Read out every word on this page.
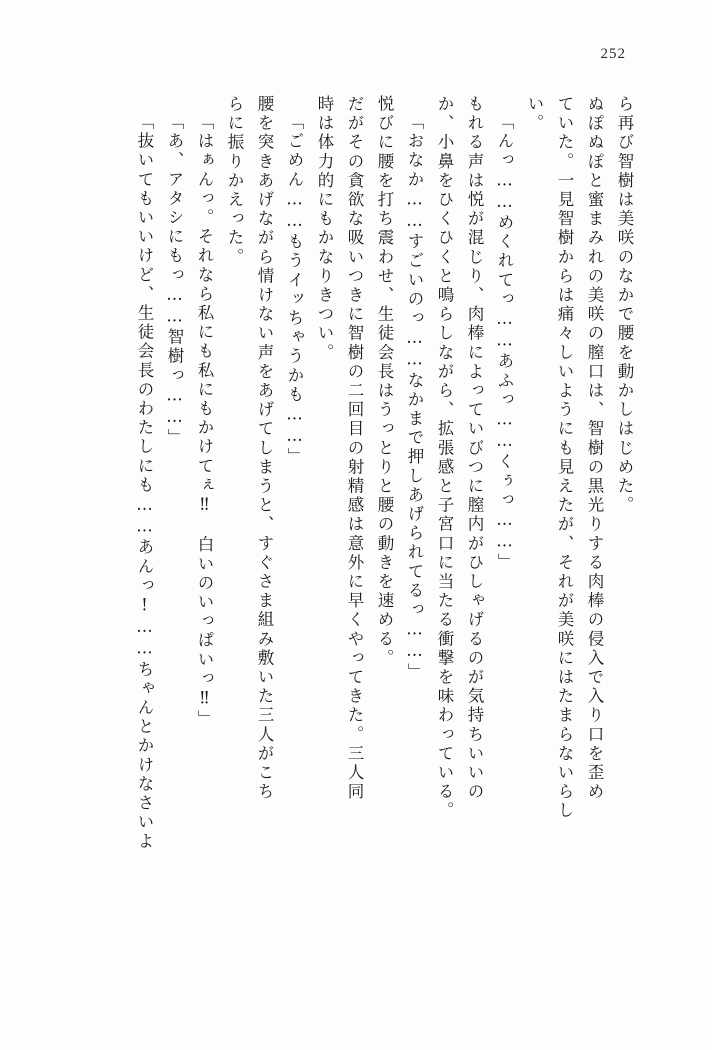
252
ら再び智樹は美咲のなかで腰を動かしはじめた。
ぬぽぬぽと蜜まみれの美咲の膣口は、智樹の黒光りする肉棒の侵入で入り口を歪め
ていた。一見智樹からは痛々しいようにも見えたが、それが美咲にはたまらないらし
い。
「んっ……めくれてっ……あふっ……くぅっ……」
もれる声は悦が混じり、肉棒によっていびつに膣内がひしゃげるのが気持ちいいの
か、小鼻をひくひくと鳴らしながら、拡張感と子宮口に当たる衝撃を味わっている。
「おなか……すごいのっ……なかまで押しあげられてるっ……」
悦びに腰を打ち震わせ、生徒会長はうっとりと腰の動きを速める。
だがその貪欲な吸いつきに智樹の二回目の射精感は意外に早くやってきた。三人同
時は体力的にもかなりきつい。
「ごめん……もうイッちゃうかも……」
腰を突きあげながら情けない声をあげてしまうと、すぐさま組み敷いた三人がこち
らに振りかえった。
「はぁんっ。それなら私にも私にもかけてぇ‼　白いのいっぱいっ‼」
「あ、アタシにもっ……智樹っ……」
「抜いてもいいけど、生徒会長のわたしにも……あんっ!……ちゃんとかけなさいよ
